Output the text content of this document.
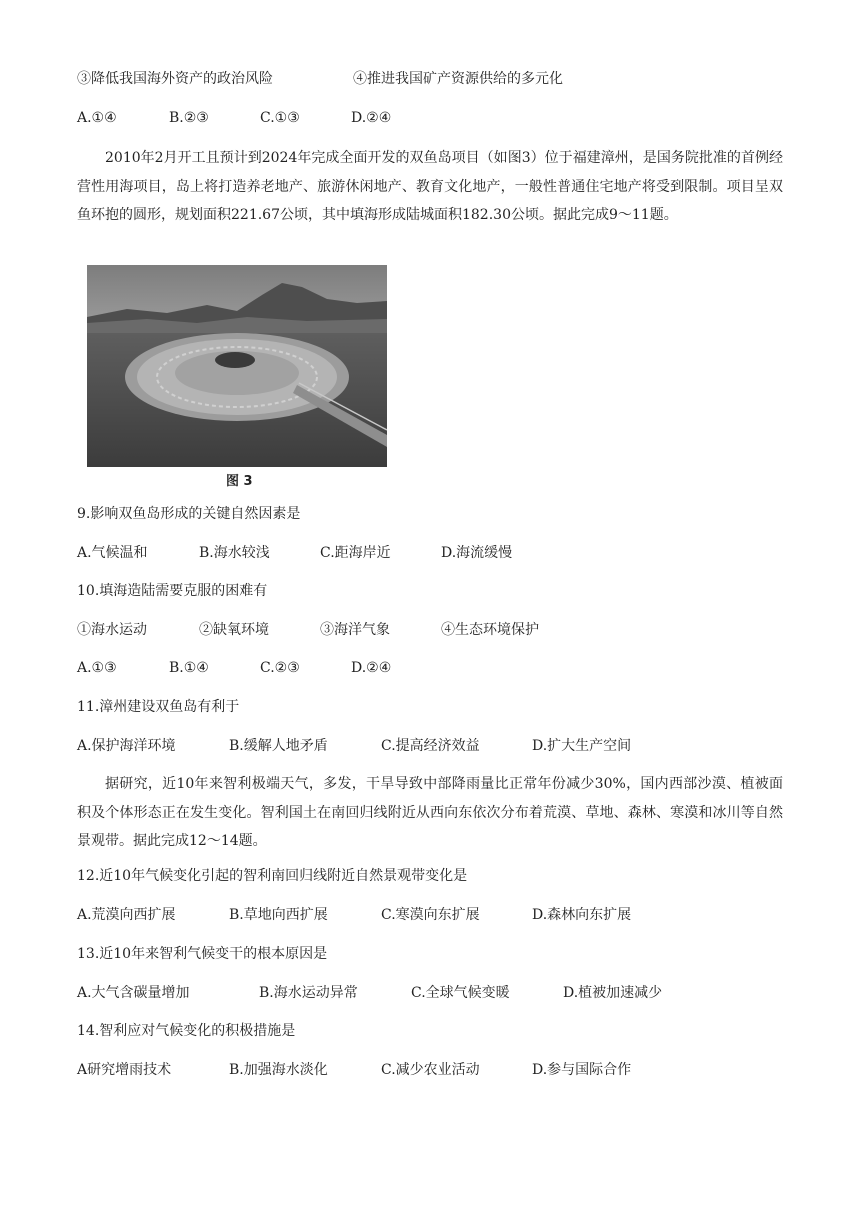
③降低我国海外资产的政治风险	④推进我国矿产资源供给的多元化
A.①④	B.②③	C.①③	D.②④
2010年2月开工且预计到2024年完成全面开发的双鱼岛项目（如图3）位于福建漳州，是国务院批准的首例经营性用海项目，岛上将打造养老地产、旅游休闲地产、教育文化地产，一般性普通住宅地产将受到限制。项目呈双鱼环抱的圆形，规划面积221.67公顷，其中填海形成陆城面积182.30公顷。据此完成9～11题。
图 3
9.影响双鱼岛形成的关键自然因素是
A.气候温和	B.海水较浅	C.距海岸近	D.海流缓慢
10.填海造陆需要克服的困难有
①海水运动	②缺氧环境	③海洋气象	④生态环境保护
A.①③	B.①④	C.②③	D.②④
11.漳州建设双鱼岛有利于
A.保护海洋环境	B.缓解人地矛盾	C.提高经济效益	D.扩大生产空间
据研究，近10年来智利极端天气，多发，干旱导致中部降雨量比正常年份减少30%，国内西部沙漠、植被面积及个体形态正在发生变化。智利国土在南回归线附近从西向东依次分布着荒漠、草地、森林、寒漠和冰川等自然景观带。据此完成12～14题。
12.近10年气候变化引起的智利南回归线附近自然景观带变化是
A.荒漠向西扩展	B.草地向西扩展	C.寒漠向东扩展	D.森林向东扩展
13.近10年来智利气候变干的根本原因是
A.大气含碳量增加	B.海水运动异常	C.全球气候变暖	D.植被加速减少
14.智利应对气候变化的积极措施是
A研究增雨技术	B.加强海水淡化	C.减少农业活动	D.参与国际合作
